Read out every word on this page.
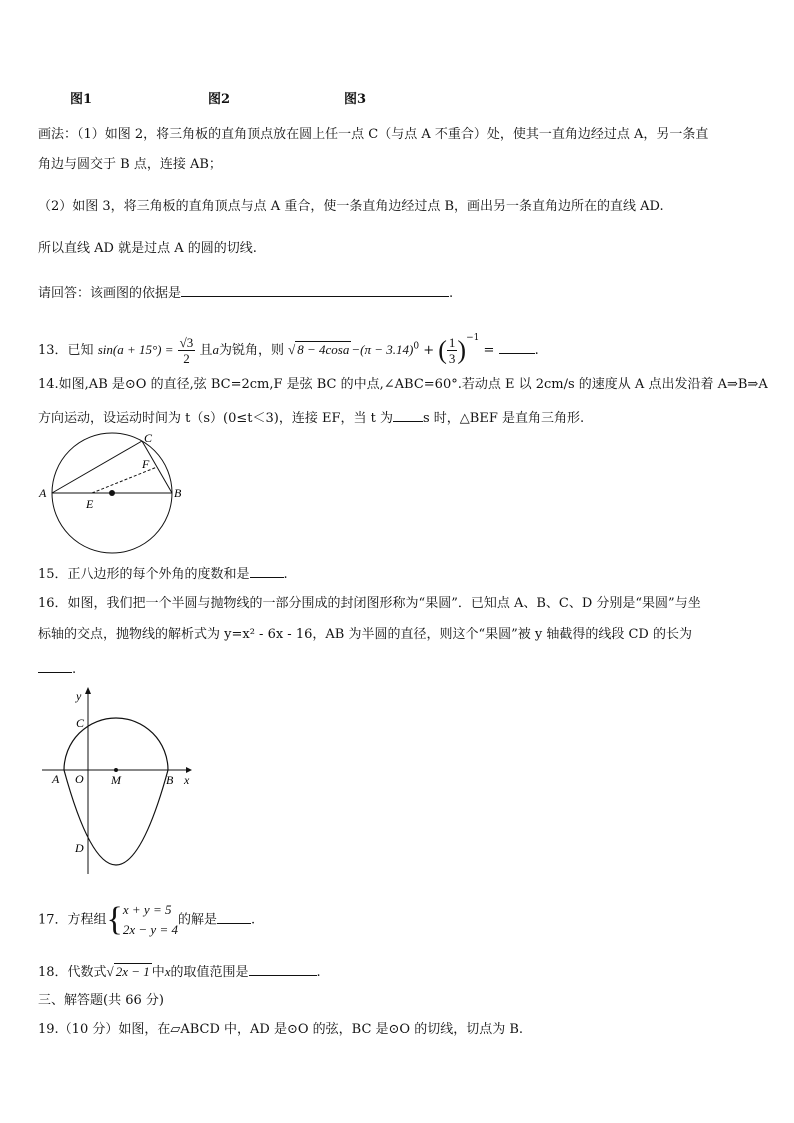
图1	图2	图3
画法：（1）如图 2，将三角板的直角顶点放在圆上任一点 C（与点 A 不重合）处，使其一直角边经过点 A，另一条直
角边与圆交于 B 点，连接 AB；
（2）如图 3，将三角板的直角顶点与点 A 重合，使一条直角边经过点 B，画出另一条直角边所在的直线 AD.
所以直线 AD 就是过点 A 的圆的切线.
请回答：该画图的依据是	.
13．已知 $\sin(a + 15^\circ) = \frac{√3}{2}$ 且a为锐角，则 √ $8 - 4\cos a -(\pi - 3.14)^0$ + ( $\frac{1}{3} )^{-1}$ =	.
14.如图,AB 是⊙O 的直径,弦 BC=2cm,F 是弦 BC 的中点,∠ABC=60°.若动点 E 以 2cm/s 的速度从 A 点出发沿着 A⇒B⇒A
方向运动，设运动时间为 t（s）(0≤t＜3)，连接 EF，当 t 为 s 时，△BEF 是直角三角形.
A	B
C
F
E
15．正八边形的每个外角的度数和是	.
16．如图，我们把一个半圆与抛物线的一部分围成的封闭图形称为“果圆”．已知点 A、B、C、D 分别是“果圆”与坐
标轴的交点，抛物线的解析式为 y=x² - 6x - 16，AB 为半圆的直径，则这个“果圆”被 y 轴截得的线段 CD 的长为
.
y
x
C
A O M	B
D
17．方程组{ x + y = 5
2x − y = 4
的解是	.
18．代数式√ 2x − 1 中x的取值范围是	.
三、解答题(共 66 分)
19.（10 分）如图，在▱ABCD 中，AD 是⊙O 的弦，BC 是⊙O 的切线，切点为 B.
